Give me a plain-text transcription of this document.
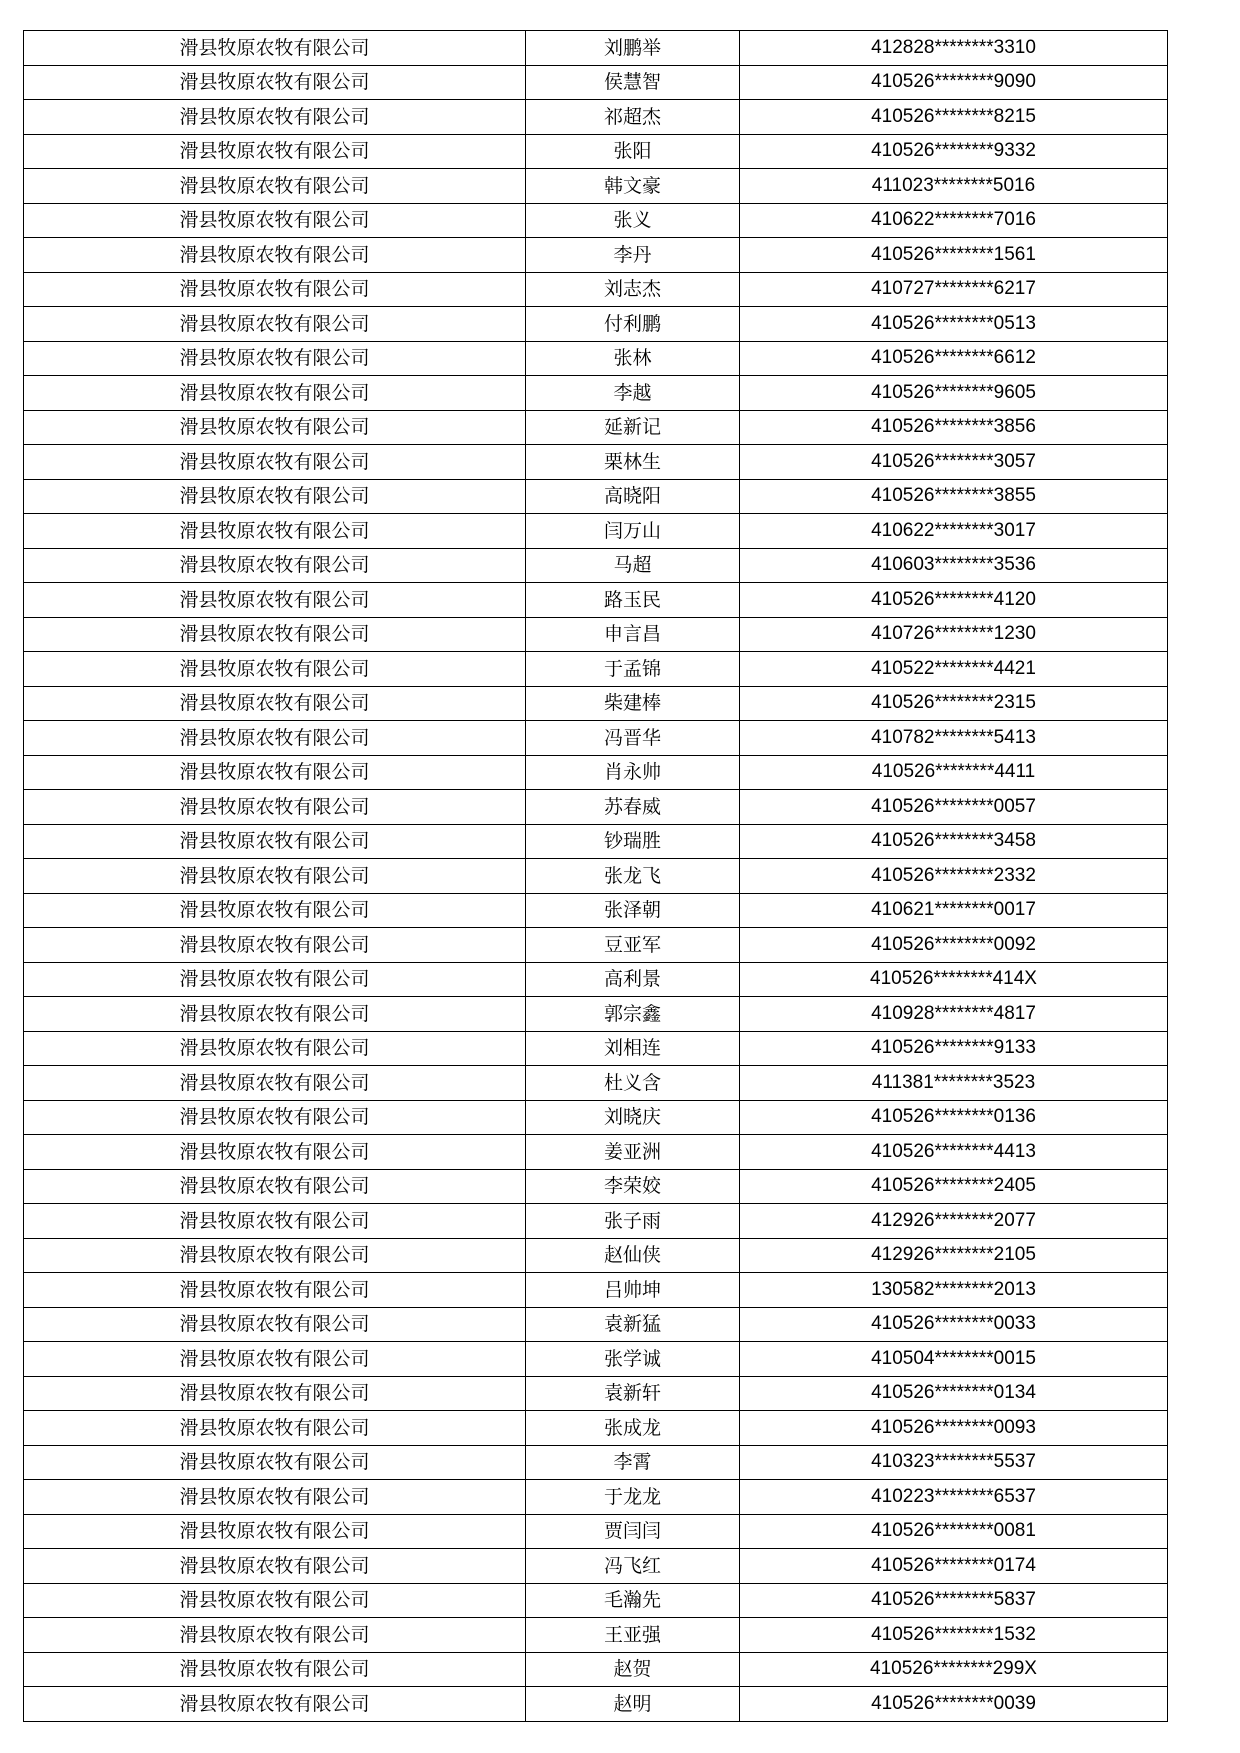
滑县牧原农牧有限公司	刘鹏举	412828********3310
滑县牧原农牧有限公司	侯慧智	410526********9090
滑县牧原农牧有限公司	祁超杰	410526********8215
滑县牧原农牧有限公司	张阳	410526********9332
滑县牧原农牧有限公司	韩文豪	411023********5016
滑县牧原农牧有限公司	张义	410622********7016
滑县牧原农牧有限公司	李丹	410526********1561
滑县牧原农牧有限公司	刘志杰	410727********6217
滑县牧原农牧有限公司	付利鹏	410526********0513
滑县牧原农牧有限公司	张林	410526********6612
滑县牧原农牧有限公司	李越	410526********9605
滑县牧原农牧有限公司	延新记	410526********3856
滑县牧原农牧有限公司	栗林生	410526********3057
滑县牧原农牧有限公司	高晓阳	410526********3855
滑县牧原农牧有限公司	闫万山	410622********3017
滑县牧原农牧有限公司	马超	410603********3536
滑县牧原农牧有限公司	路玉民	410526********4120
滑县牧原农牧有限公司	申言昌	410726********1230
滑县牧原农牧有限公司	于孟锦	410522********4421
滑县牧原农牧有限公司	柴建棒	410526********2315
滑县牧原农牧有限公司	冯晋华	410782********5413
滑县牧原农牧有限公司	肖永帅	410526********4411
滑县牧原农牧有限公司	苏春威	410526********0057
滑县牧原农牧有限公司	钞瑞胜	410526********3458
滑县牧原农牧有限公司	张龙飞	410526********2332
滑县牧原农牧有限公司	张泽朝	410621********0017
滑县牧原农牧有限公司	豆亚军	410526********0092
滑县牧原农牧有限公司	高利景	410526********414X
滑县牧原农牧有限公司	郭宗鑫	410928********4817
滑县牧原农牧有限公司	刘相连	410526********9133
滑县牧原农牧有限公司	杜义含	411381********3523
滑县牧原农牧有限公司	刘晓庆	410526********0136
滑县牧原农牧有限公司	姜亚洲	410526********4413
滑县牧原农牧有限公司	李荣姣	410526********2405
滑县牧原农牧有限公司	张子雨	412926********2077
滑县牧原农牧有限公司	赵仙侠	412926********2105
滑县牧原农牧有限公司	吕帅坤	130582********2013
滑县牧原农牧有限公司	袁新猛	410526********0033
滑县牧原农牧有限公司	张学诚	410504********0015
滑县牧原农牧有限公司	袁新轩	410526********0134
滑县牧原农牧有限公司	张成龙	410526********0093
滑县牧原农牧有限公司	李霄	410323********5537
滑县牧原农牧有限公司	于龙龙	410223********6537
滑县牧原农牧有限公司	贾闫闫	410526********0081
滑县牧原农牧有限公司	冯飞红	410526********0174
滑县牧原农牧有限公司	毛瀚先	410526********5837
滑县牧原农牧有限公司	王亚强	410526********1532
滑县牧原农牧有限公司	赵贺	410526********299X
滑县牧原农牧有限公司	赵明	410526********0039
